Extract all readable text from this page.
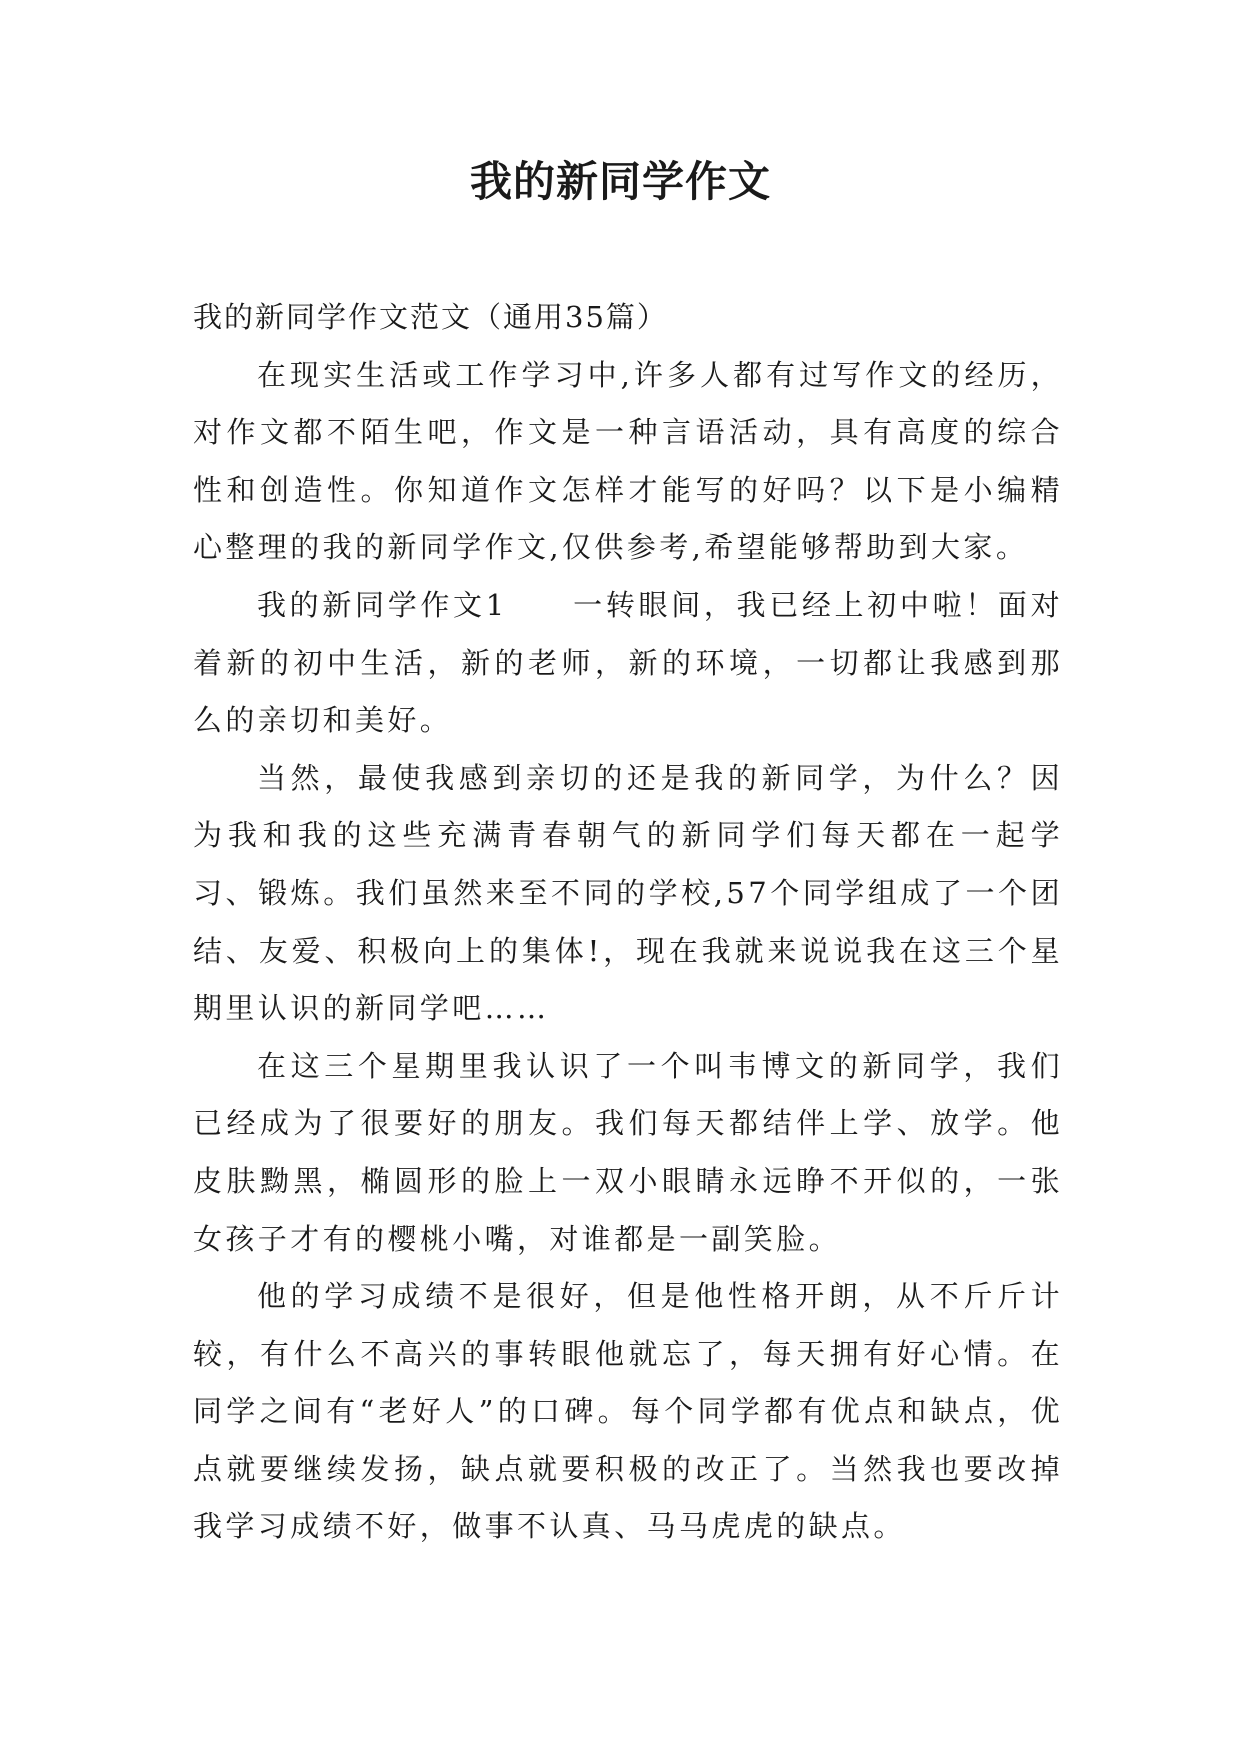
我的新同学作文

我的新同学作文范文（通用35篇）

在现实生活或工作学习中,许多人都有过写作文的经历，对作文都不陌生吧，作文是一种言语活动，具有高度的综合性和创造性。你知道作文怎样才能写的好吗？以下是小编精心整理的我的新同学作文,仅供参考,希望能够帮助到大家。

我的新同学作文1　　一转眼间，我已经上初中啦！面对着新的初中生活，新的老师，新的环境，一切都让我感到那么的亲切和美好。

当然，最使我感到亲切的还是我的新同学，为什么？因为我和我的这些充满青春朝气的新同学们每天都在一起学习、锻炼。我们虽然来至不同的学校,57个同学组成了一个团结、友爱、积极向上的集体!，现在我就来说说我在这三个星期里认识的新同学吧……

在这三个星期里我认识了一个叫韦博文的新同学，我们已经成为了很要好的朋友。我们每天都结伴上学、放学。他皮肤黝黑，椭圆形的脸上一双小眼睛永远睁不开似的，一张女孩子才有的樱桃小嘴，对谁都是一副笑脸。

他的学习成绩不是很好，但是他性格开朗，从不斤斤计较，有什么不高兴的事转眼他就忘了，每天拥有好心情。在同学之间有“老好人”的口碑。每个同学都有优点和缺点，优点就要继续发扬，缺点就要积极的改正了。当然我也要改掉我学习成绩不好，做事不认真、马马虎虎的缺点。
